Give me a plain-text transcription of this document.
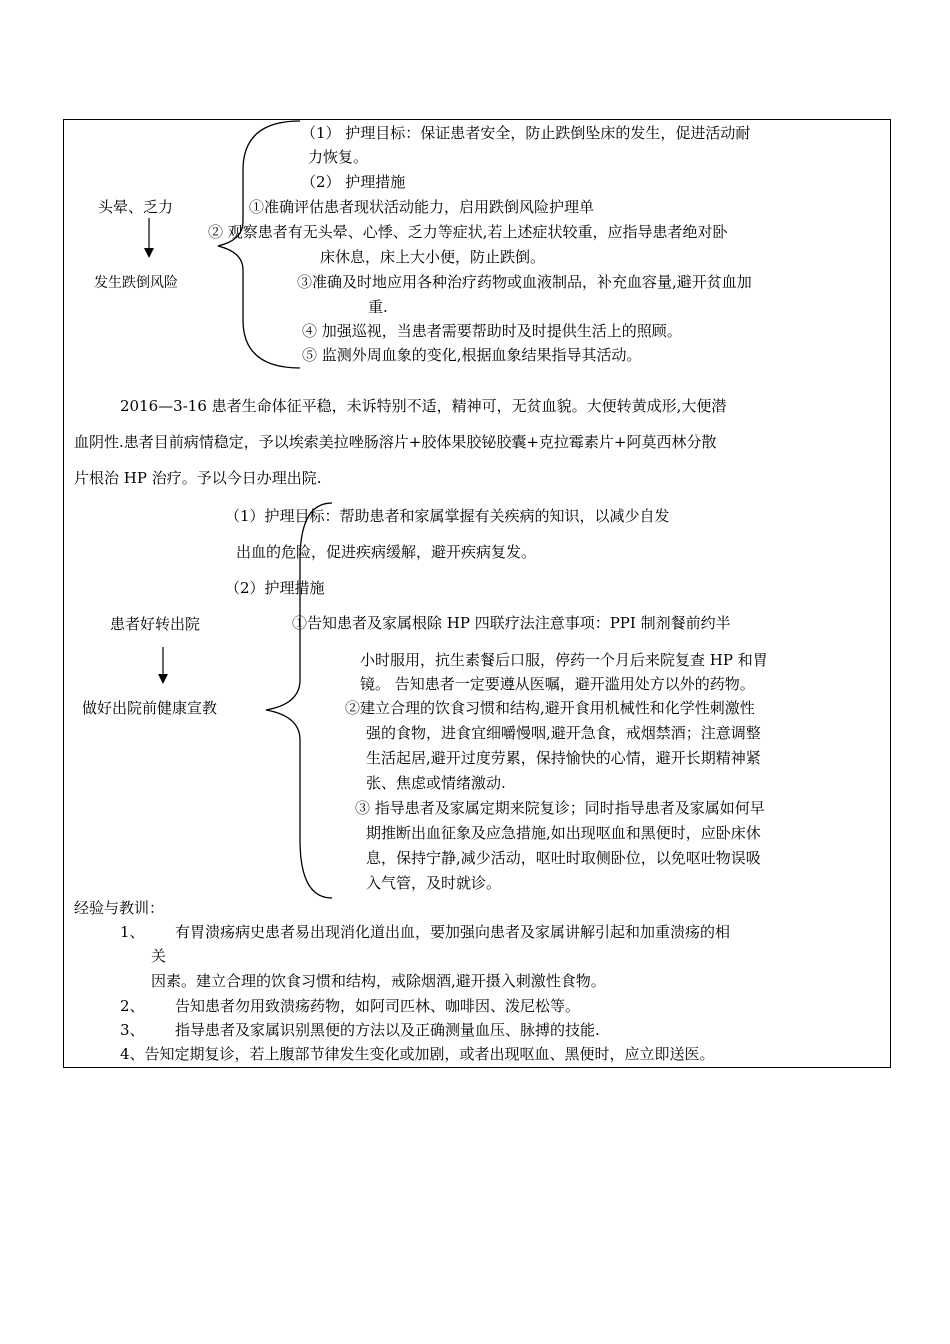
头晕、乏力
发生跌倒风险
（1） 护理目标：保证患者安全，防止跌倒坠床的发生，促进活动耐
力恢复。
（2） 护理措施
①准确评估患者现状活动能力，启用跌倒风险护理单
② 观察患者有无头晕、心悸、乏力等症状,若上述症状较重，应指导患者绝对卧
床休息，床上大小便，防止跌倒。
③准确及时地应用各种治疗药物或血液制品，补充血容量,避开贫血加
重.
④ 加强巡视，当患者需要帮助时及时提供生活上的照顾。
⑤ 监测外周血象的变化,根据血象结果指导其活动。
2016—3-16 患者生命体征平稳，未诉特别不适，精神可，无贫血貌。大便转黄成形,大便潜
血阴性.患者目前病情稳定，予以埃索美拉唑肠溶片+胶体果胶铋胶囊+克拉霉素片+阿莫西林分散
片根治 HP 治疗。予以今日办理出院.
（1）护理目标：帮助患者和家属掌握有关疾病的知识，以减少自发
出血的危险，促进疾病缓解，避开疾病复发。
（2）护理措施
患者好转出院
做好出院前健康宣教
①告知患者及家属根除 HP 四联疗法注意事项：PPI 制剂餐前约半
小时服用，抗生素餐后口服，停药一个月后来院复查 HP 和胃
镜。 告知患者一定要遵从医嘱，避开滥用处方以外的药物。
②建立合理的饮食习惯和结构,避开食用机械性和化学性刺激性
强的食物，进食宜细嚼慢咽,避开急食，戒烟禁酒；注意调整
生活起居,避开过度劳累，保持愉快的心情，避开长期精神紧
张、焦虑或情绪激动.
③ 指导患者及家属定期来院复诊；同时指导患者及家属如何早
期推断出血征象及应急措施,如出现呕血和黑便时，应卧床休
息，保持宁静,减少活动，呕吐时取侧卧位，以免呕吐物误吸
入气管，及时就诊。
经验与教训：
1、 有胃溃疡病史患者易出现消化道出血，要加强向患者及家属讲解引起和加重溃疡的相
关
因素。建立合理的饮食习惯和结构，戒除烟酒,避开摄入刺激性食物。
2、 告知患者勿用致溃疡药物，如阿司匹林、咖啡因、泼尼松等。
3、 指导患者及家属识别黑便的方法以及正确测量血压、脉搏的技能.
4、告知定期复诊，若上腹部节律发生变化或加剧，或者出现呕血、黑便时，应立即送医。
